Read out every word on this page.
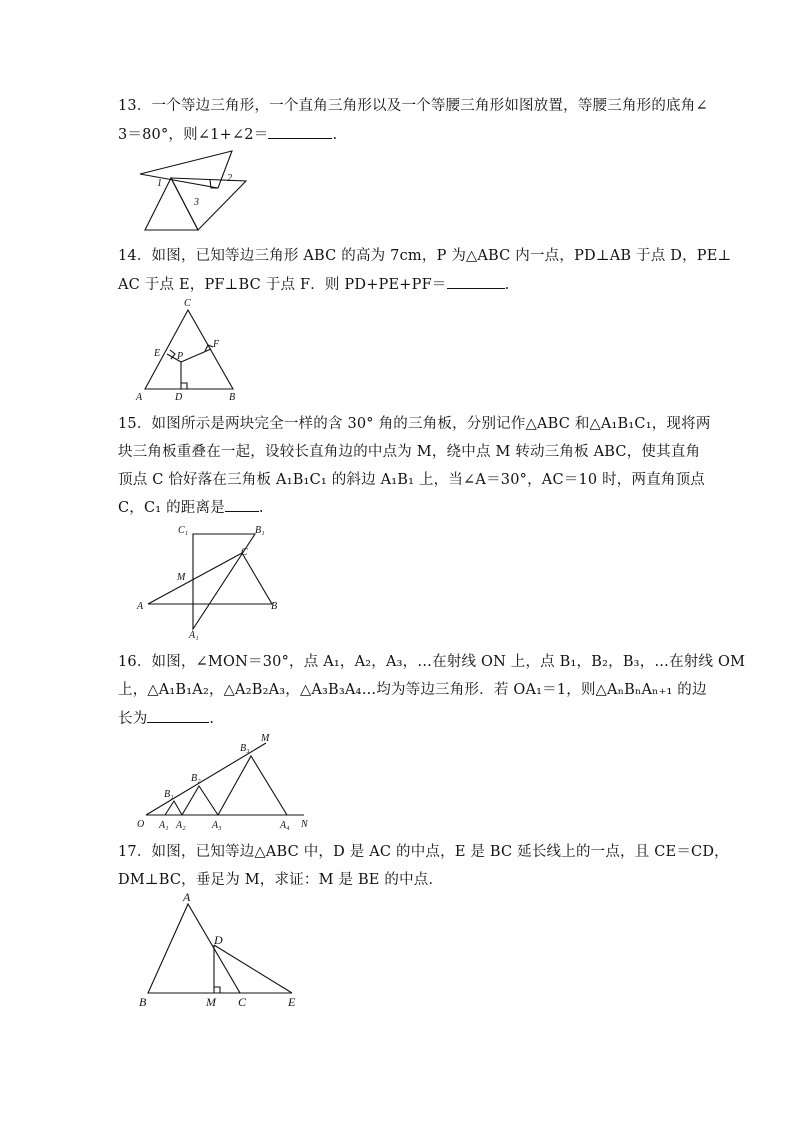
13．一个等边三角形，一个直角三角形以及一个等腰三角形如图放置，等腰三角形的底角∠
3＝80°，则∠1+∠2＝	.
1	2
3
14．如图，已知等边三角形 ABC 的高为 7cm，P 为△ABC 内一点，PD⊥AB 于点 D，PE⊥
AC 于点 E，PF⊥BC 于点 F．则 PD+PE+PF＝	.
C
E
F
P
A	D	B
15．如图所示是两块完全一样的含 30° 角的三角板，分别记作△ABC 和△A₁B₁C₁，现将两
块三角板重叠在一起，设较长直角边的中点为 M，绕中点 M 转动三角板 ABC，使其直角
顶点 C 恰好落在三角板 A₁B₁C₁ 的斜边 A₁B₁ 上，当∠A＝30°，AC＝10 时，两直角顶点
C，C₁ 的距离是 .
C₁	B₁
C
M
A	B
A₁
16．如图，∠MON＝30°，点 A₁，A₂，A₃，…在射线 ON 上，点 B₁，B₂，B₃，…在射线 OM
上，△A₁B₁A₂，△A₂B₂A₃，△A₃B₃A₄…均为等边三角形．若 OA₁＝1，则△AₙBₙAₙ₊₁ 的边
长为	.
M
B₃
B₂
B₁
O A₁ A₂	A₃	A₄ N
17．如图，已知等边△ABC 中，D 是 AC 的中点，E 是 BC 延长线上的一点，且 CE＝CD，
DM⊥BC，垂足为 M，求证：M 是 BE 的中点．
A
D
B	M C	E
